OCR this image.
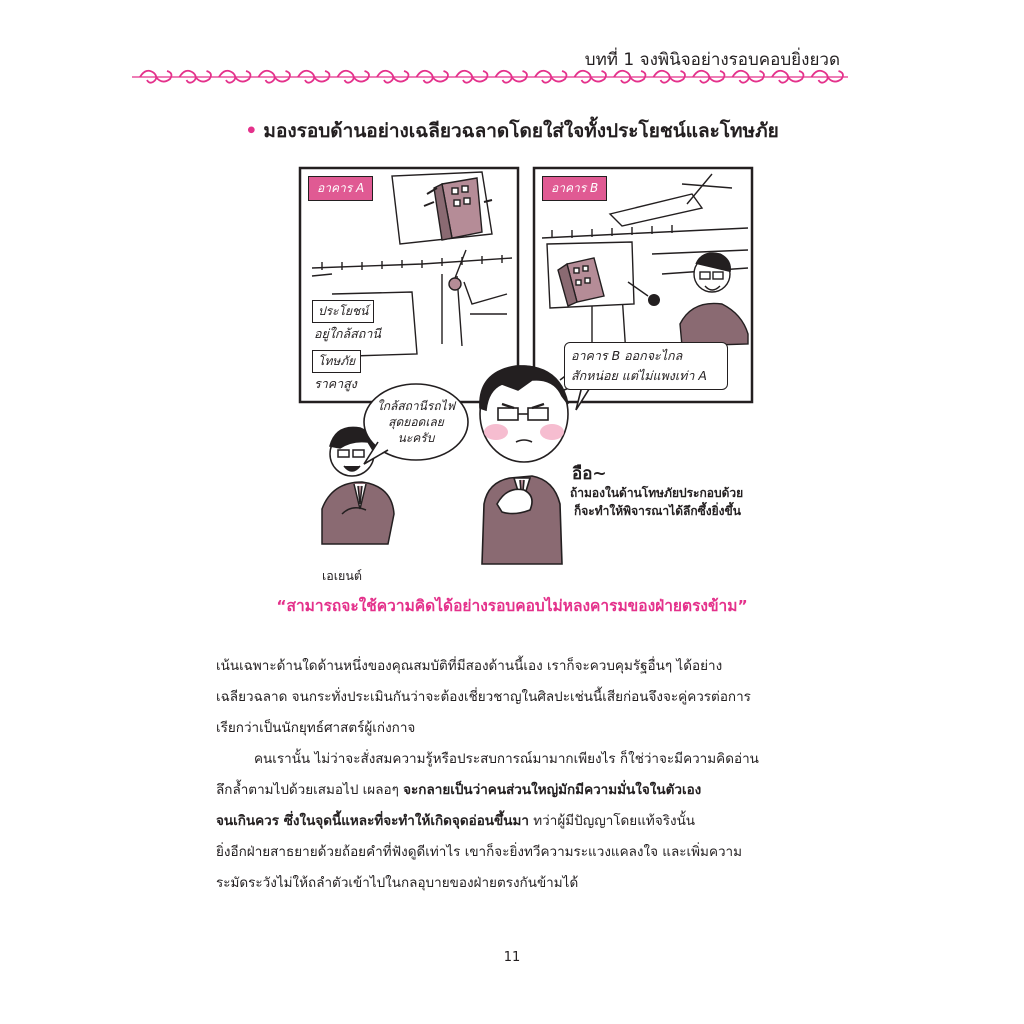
บทที่ 1 จงพินิจอย่างรอบคอบยิ่งยวด
• มองรอบด้านอย่างเฉลียวฉลาดโดยใส่ใจทั้งประโยชน์และโทษภัย
อาคาร A
ประโยชน์
อยู่ใกล้สถานี
โทษภัย
ราคาสูง
อาคาร B
อาคาร B ออกจะไกล
สักหน่อย แต่ไม่แพงเท่า A
ใกล้สถานีรถไฟ
สุดยอดเลย
นะครับ
เอเยนต์
อือ~
ถ้ามองในด้านโทษภัยประกอบด้วย
ก็จะทำให้พิจารณาได้ลึกซึ้งยิ่งขึ้น
“สามารถจะใช้ความคิดได้อย่างรอบคอบไม่หลงคารมของฝ่ายตรงข้าม”
เน้นเฉพาะด้านใดด้านหนึ่งของคุณสมบัติที่มีสองด้านนี้เอง เราก็จะควบคุมรัฐอื่นๆ ได้อย่าง
เฉลียวฉลาด จนกระทั่งประเมินกันว่าจะต้องเชี่ยวชาญในศิลปะเช่นนี้เสียก่อนจึงจะคู่ควรต่อการ
เรียกว่าเป็นนักยุทธ์ศาสตร์ผู้เก่งกาจ
คนเรานั้น ไม่ว่าจะสั่งสมความรู้หรือประสบการณ์มามากเพียงไร ก็ใช่ว่าจะมีความคิดอ่าน
ลึกล้ำตามไปด้วยเสมอไป เผลอๆ จะกลายเป็นว่าคนส่วนใหญ่มักมีความมั่นใจในตัวเอง
จนเกินควร ซึ่งในจุดนี้แหละที่จะทำให้เกิดจุดอ่อนขึ้นมา ทว่าผู้มีปัญญาโดยแท้จริงนั้น
ยิ่งอีกฝ่ายสาธยายด้วยถ้อยคำที่ฟังดูดีเท่าไร เขาก็จะยิ่งทวีความระแวงแคลงใจ และเพิ่มความ
ระมัดระวังไม่ให้ถลำตัวเข้าไปในกลอุบายของฝ่ายตรงกันข้ามได้
11
